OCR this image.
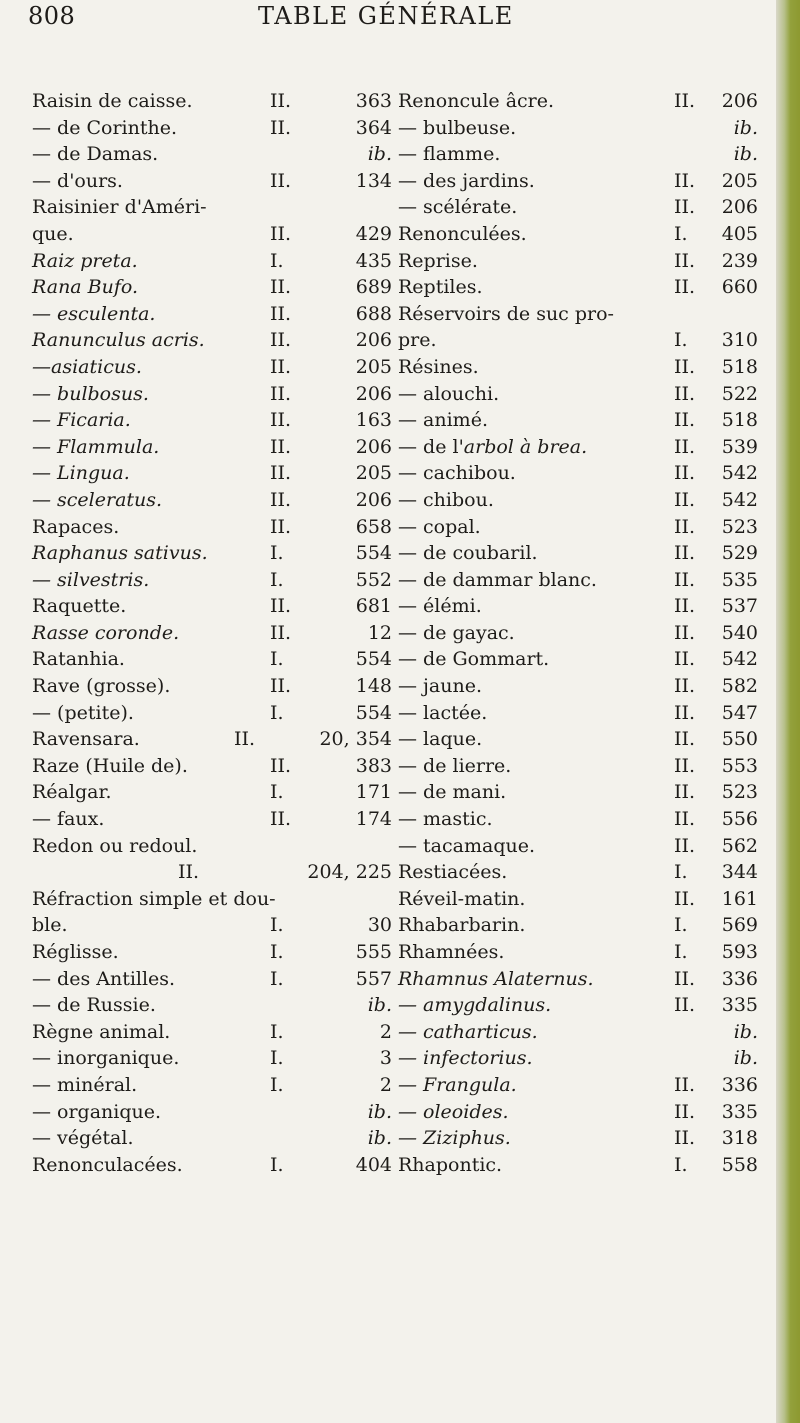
808	TABLE GÉNÉRALE
Raisin de caisse.	II.	363
— de Corinthe.	II.	364
— de Damas.	ib.
— d'ours.	II.	134
Raisinier d'Améri-
que.	II.	429
Raiz preta.	I.	435
Rana Bufo.	II.	689
— esculenta.	II.	688
Ranunculus acris.	II.	206
—asiaticus.	II.	205
— bulbosus.	II.	206
— Ficaria.	II.	163
— Flammula.	II.	206
— Lingua.	II.	205
— sceleratus.	II.	206
Rapaces.	II.	658
Raphanus sativus.	I.	554
— silvestris.	I.	552
Raquette.	II.	681
Rasse coronde.	II.	12
Ratanhia.	I.	554
Rave (grosse).	II.	148
— (petite).	I.	554
Ravensara.	II.	20, 354
Raze (Huile de).	II.	383
Réalgar.	I.	171
— faux.	II.	174
Redon ou redoul.
II.	204, 225
Réfraction simple et dou-
ble.	I.	30
Réglisse.	I.	555
— des Antilles.	I.	557
— de Russie.	ib.
Règne animal.	I.	2
— inorganique.	I.	3
— minéral.	I.	2
— organique.	ib.
— végétal.	ib.
Renonculacées.	I.	404
Renoncule âcre.	II. 206
— bulbeuse.	ib.
— flamme.	ib.
— des jardins.	II. 205
— scélérate.	II. 206
Renonculées.	I. 405
Reprise.	II. 239
Reptiles.	II. 660
Réservoirs de suc pro-
pre.	I. 310
Résines.	II. 518
— alouchi.	II. 522
— animé.	II. 518
— de l'arbol à brea.	II. 539
— cachibou.	II. 542
— chibou.	II. 542
— copal.	II. 523
— de coubaril.	II. 529
— de dammar blanc.	II. 535
— élémi.	II. 537
— de gayac.	II. 540
— de Gommart.	II. 542
— jaune.	II. 582
— lactée.	II. 547
— laque.	II. 550
— de lierre.	II. 553
— de mani.	II. 523
— mastic.	II. 556
— tacamaque.	II. 562
Restiacées.	I. 344
Réveil-matin.	II. 161
Rhabarbarin.	I. 569
Rhamnées.	I. 593
Rhamnus Alaternus.	II. 336
— amygdalinus.	II. 335
— catharticus.	ib.
— infectorius.	ib.
— Frangula.	II. 336
— oleoides.	II. 335
— Ziziphus.	II. 318
Rhapontic.	I. 558
